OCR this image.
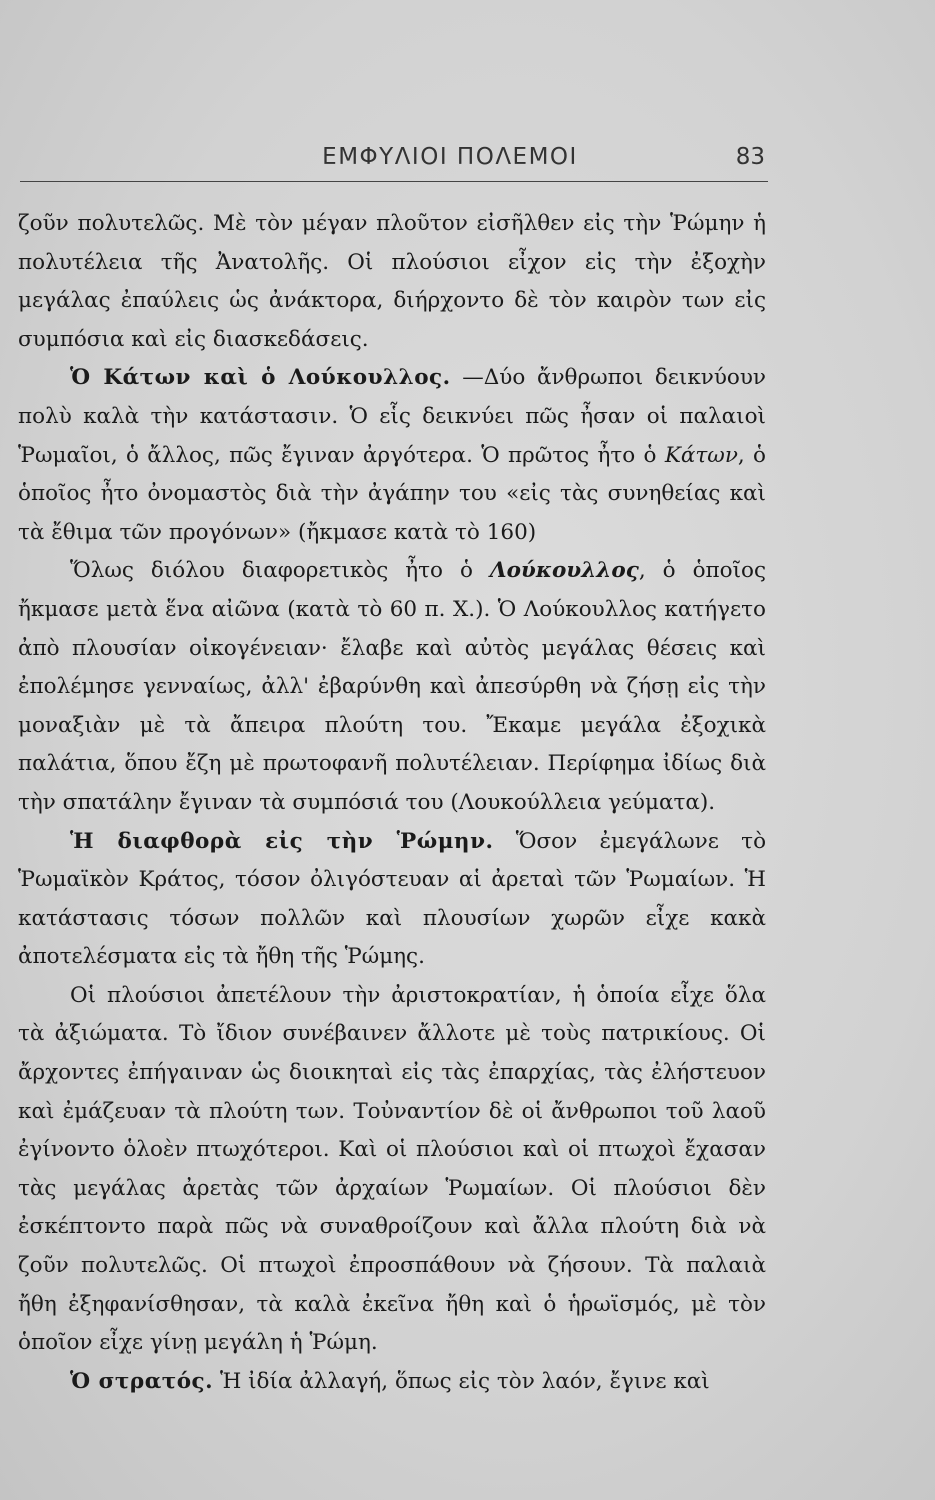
ΕΜΦΥΛΙΟΙ ΠΟΛΕΜΟΙ	83

ζοῦν πολυτελῶς. Μὲ τὸν μέγαν πλοῦτον εἰσῆλθεν εἰς τὴν Ῥώμην ἡ πολυτέλεια τῆς Ἀνατολῆς. Οἱ πλούσιοι εἶχον εἰς τὴν ἐξοχὴν μεγάλας ἐπαύλεις ὡς ἀνάκτορα, διήρχοντο δὲ τὸν καιρὸν των εἰς συμπόσια καὶ εἰς διασκεδάσεις.

Ὁ Κάτων καὶ ὁ Λούκουλλος. —Δύο ἄνθρωποι δεικνύουν πολὺ καλὰ τὴν κατάστασιν. Ὁ εἷς δεικνύει πῶς ἦσαν οἱ παλαιοὶ Ῥωμαῖοι, ὁ ἄλλος, πῶς ἔγιναν ἀργότερα. Ὁ πρῶτος ἦτο ὁ Κάτων, ὁ ὁποῖος ἦτο ὀνομαστὸς διὰ τὴν ἀγάπην του «εἰς τὰς συνηθείας καὶ τὰ ἔθιμα τῶν προγόνων» (ἤκμασε κατὰ τὸ 160)

Ὅλως διόλου διαφορετικὸς ἦτο ὁ Λούκουλλος, ὁ ὁποῖος ἤκμασε μετὰ ἕνα αἰῶνα (κατὰ τὸ 60 π. Χ.). Ὁ Λούκουλλος κατήγετο ἀπὸ πλουσίαν οἰκογένειαν· ἔλαβε καὶ αὐτὸς μεγάλας θέσεις καὶ ἐπολέμησε γενναίως, ἀλλ' ἐβαρύνθη καὶ ἀπεσύρθη νὰ ζήσῃ εἰς τὴν μοναξιὰν μὲ τὰ ἄπειρα πλούτη του. Ἔκαμε μεγάλα ἐξοχικὰ παλάτια, ὅπου ἔζη μὲ πρωτοφανῆ πολυτέλειαν. Περίφημα ἰδίως διὰ τὴν σπατάλην ἔγιναν τὰ συμπόσιά του (Λουκούλλεια γεύματα).

Ἡ διαφθορὰ εἰς τὴν Ῥώμην. Ὅσον ἐμεγάλωνε τὸ Ῥωμαϊκὸν Κράτος, τόσον ὀλιγόστευαν αἱ ἀρεταὶ τῶν Ῥωμαίων. Ἡ κατάστασις τόσων πολλῶν καὶ πλουσίων χωρῶν εἶχε κακὰ ἀποτελέσματα εἰς τὰ ἤθη τῆς Ῥώμης.

Οἱ πλούσιοι ἀπετέλουν τὴν ἀριστοκρατίαν, ἡ ὁποία εἶχε ὅλα τὰ ἀξιώματα. Τὸ ἴδιον συνέβαινεν ἄλλοτε μὲ τοὺς πατρικίους. Οἱ ἄρχοντες ἐπήγαιναν ὡς διοικηταὶ εἰς τὰς ἐπαρχίας, τὰς ἐλήστευον καὶ ἐμάζευαν τὰ πλούτη των. Τοὐναντίον δὲ οἱ ἄνθρωποι τοῦ λαοῦ ἐγίνοντο ὁλοὲν πτωχότεροι. Καὶ οἱ πλούσιοι καὶ οἱ πτωχοὶ ἔχασαν τὰς μεγάλας ἀρετὰς τῶν ἀρχαίων Ῥωμαίων. Οἱ πλούσιοι δὲν ἐσκέπτοντο παρὰ πῶς νὰ συναθροίζουν καὶ ἄλλα πλούτη διὰ νὰ ζοῦν πολυτελῶς. Οἱ πτωχοὶ ἐπροσπάθουν νὰ ζήσουν. Τὰ παλαιὰ ἤθη ἐξηφανίσθησαν, τὰ καλὰ ἐκεῖνα ἤθη καὶ ὁ ἡρωϊσμός, μὲ τὸν ὁποῖον εἶχε γίνῃ μεγάλη ἡ Ῥώμη.

Ὁ στρατός. Ἡ ἰδία ἀλλαγή, ὅπως εἰς τὸν λαόν, ἔγινε καὶ
